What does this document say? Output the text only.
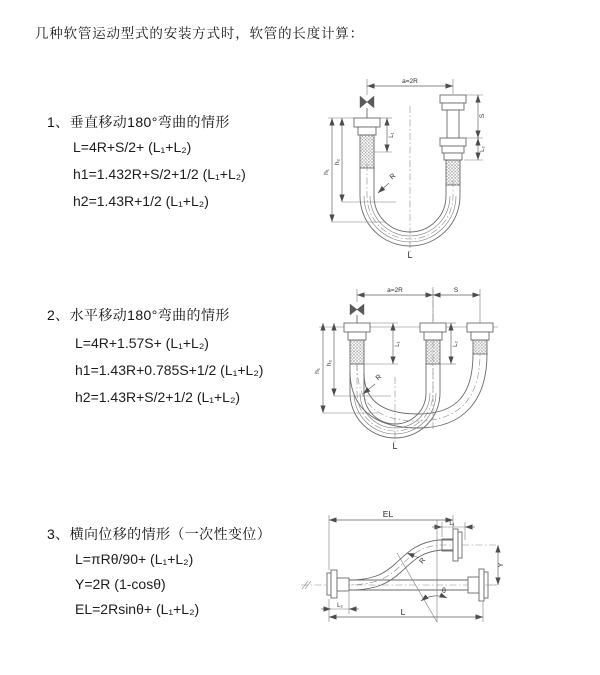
几种软管运动型式的安装方式时，软管的长度计算：
1、垂直移动180°弯曲的情形
L=4R+S/2+ (L₁+L₂)
h1=1.432R+S/2+1/2 (L₁+L₂)
h2=1.43R+1/2 (L₁+L₂)
2、水平移动180°弯曲的情形
L=4R+1.57S+ (L₁+L₂)
h1=1.43R+0.785S+1/2 (L₁+L₂)
h2=1.43R+S/2+1/2 (L₁+L₂)
3、横向位移的情形（一次性变位）
L=πRθ/90+ (L₁+L₂)
Y=2R (1-cosθ)
EL=2Rsinθ+ (L₁+L₂)
a=2R
L₁
S
L₂
R
h₁
h₂
L
a=2R	S
L₁	L₂
R
h₁
h₂
L
EL
L₁
θ
R	Y
L₂
L
